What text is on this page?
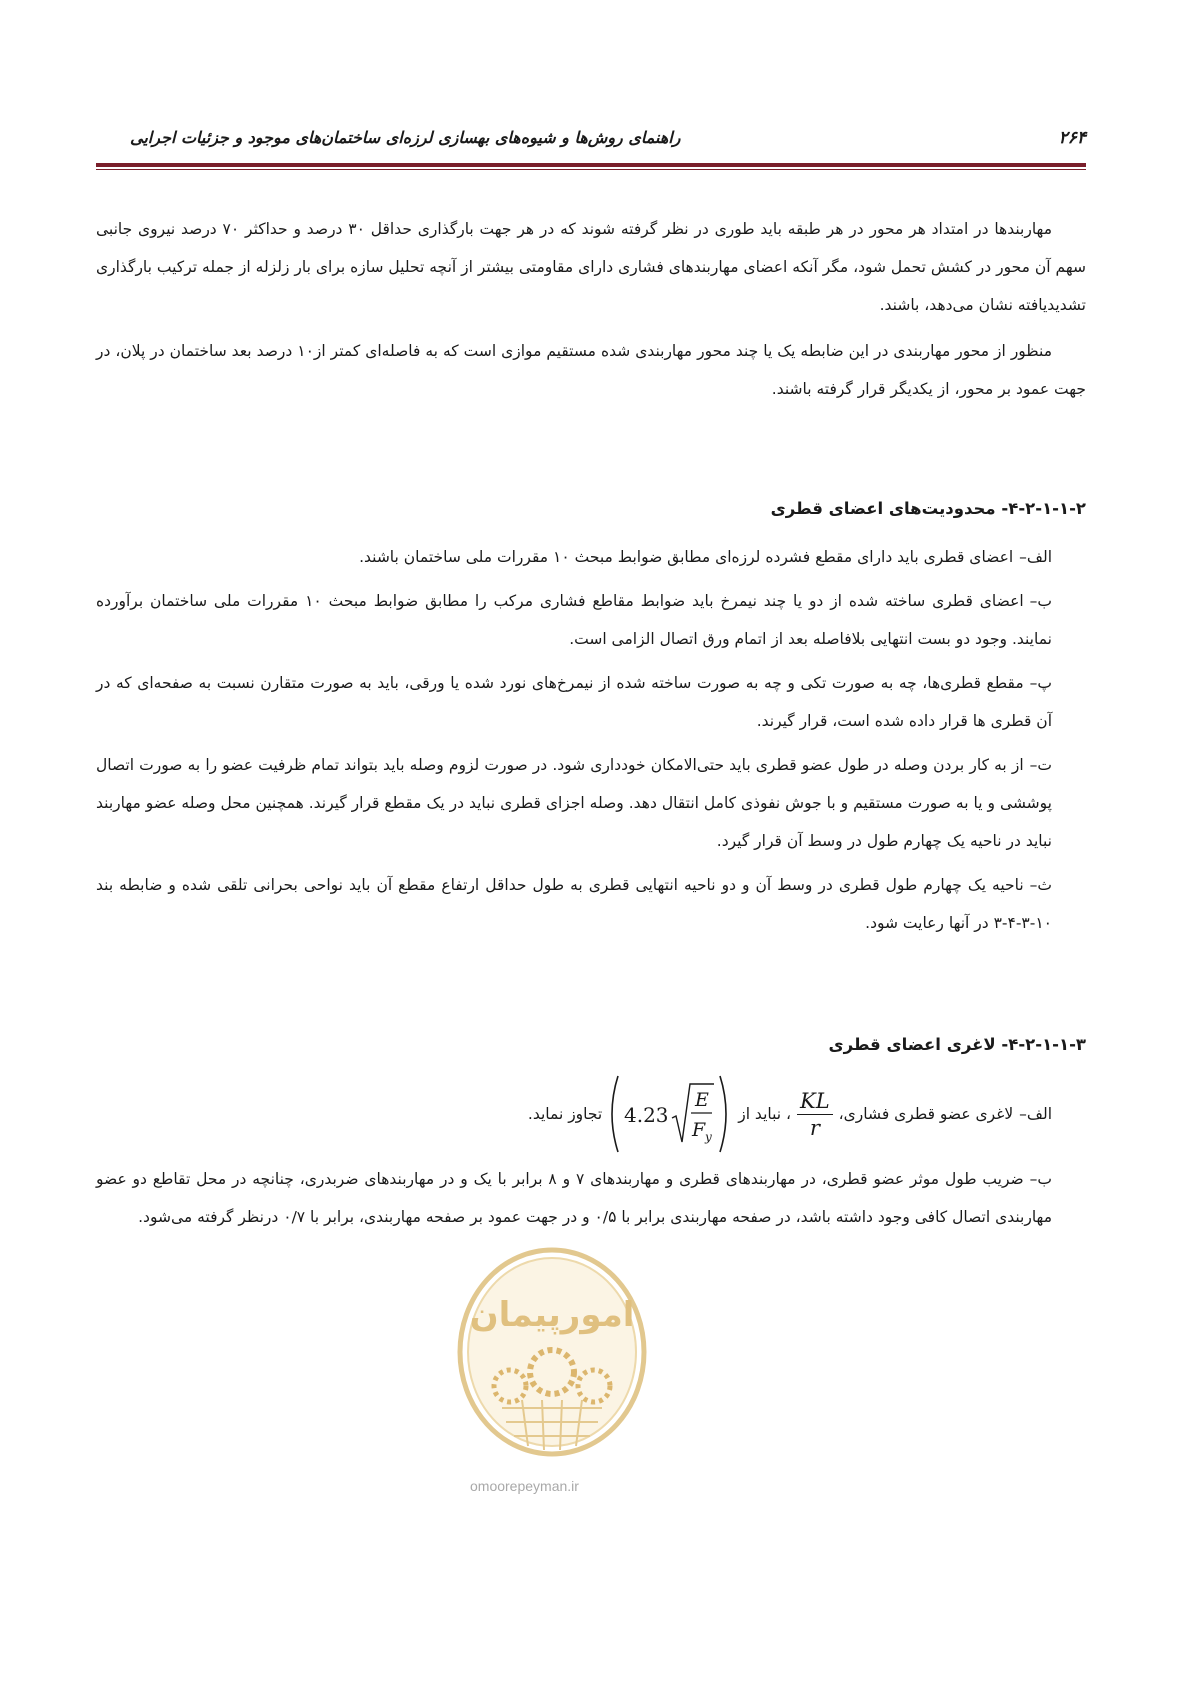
۲۶۴
راهنمای روش‌ها و شیوه‌های بهسازی لرزه‌ای ساختمان‌های موجود و جزئیات اجرایی

مهاربندها در امتداد هر محور در هر طبقه باید طوری در نظر گرفته شوند که در هر جهت بارگذاری حداقل ۳۰ درصد و حداکثر ۷۰ درصد نیروی جانبی سهم آن محور در کشش تحمل شود، مگر آنکه اعضای مهاربندهای فشاری دارای مقاومتی بیشتر از آنچه تحلیل سازه برای بار زلزله از جمله ترکیب بارگذاری تشدیدیافته نشان می‌دهد، باشند.

منظور از محور مهاربندی در این ضابطه یک یا چند محور مهاربندی شده مستقیم موازی است که به فاصله‌ای کمتر از۱۰ درصد بعد ساختمان در پلان، در جهت عمود بر محور، از یکدیگر قرار گرفته باشند.

۴-۲-۱-۱-۲- محدودیت‌های اعضای قطری

الف–اعضای قطری باید دارای مقطع فشرده لرزه‌ای مطابق ضوابط مبحث ۱۰ مقررات ملی ساختمان باشند.

ب–اعضای قطری ساخته شده از دو یا چند نیمرخ باید ضوابط مقاطع فشاری مرکب را مطابق ضوابط مبحث ۱۰ مقررات ملی ساختمان برآورده نمایند. وجود دو بست انتهایی بلافاصله بعد از اتمام ورق اتصال الزامی است.

پ–مقطع قطری‌ها، چه به صورت تکی و چه به صورت ساخته شده از نیمرخ‌های نورد شده یا ورقی، باید به صورت متقارن نسبت به صفحه‌ای که در آن قطری ها قرار داده شده است، قرار گیرند.

ت–از به کار بردن وصله در طول عضو قطری باید حتی‌الامکان خودداری شود. در صورت لزوم وصله باید بتواند تمام ظرفیت عضو را به صورت اتصال پوششی و یا به صورت مستقیم و با جوش نفوذی کامل انتقال دهد. وصله اجزای قطری نباید در یک مقطع قرار گیرند. همچنین محل وصله عضو مهاربند نباید در ناحیه یک چهارم طول در وسط آن قرار گیرد.

ث–ناحیه یک چهارم طول قطری در وسط آن و دو ناحیه انتهایی قطری به طول حداقل ارتفاع مقطع آن باید نواحی بحرانی تلقی شده و ضابطه بند ۱۰-۳-۴-۳ در آنها رعایت شود.

۴-۲-۱-۱-۳- لاغری اعضای قطری
الف–
لاغری عضو قطری فشاری،
$\frac{KL}{r}$
، نباید از
4.23
E
F y
تجاوز نماید.

ب–ضریب طول موثر عضو قطری، در مهاربندهای قطری و مهاربندهای ۷ و ۸ برابر با یک و در مهاربندهای ضربدری، چنانچه در محل تقاطع دو عضو مهاربندی اتصال کافی وجود داشته باشد، در صفحه مهاربندی برابر با ۰/۵ و در جهت عمود بر صفحه مهاربندی، برابر با ۰/۷ درنظر گرفته می‌شود.

امورپیمان
omoorepeyman.ir
